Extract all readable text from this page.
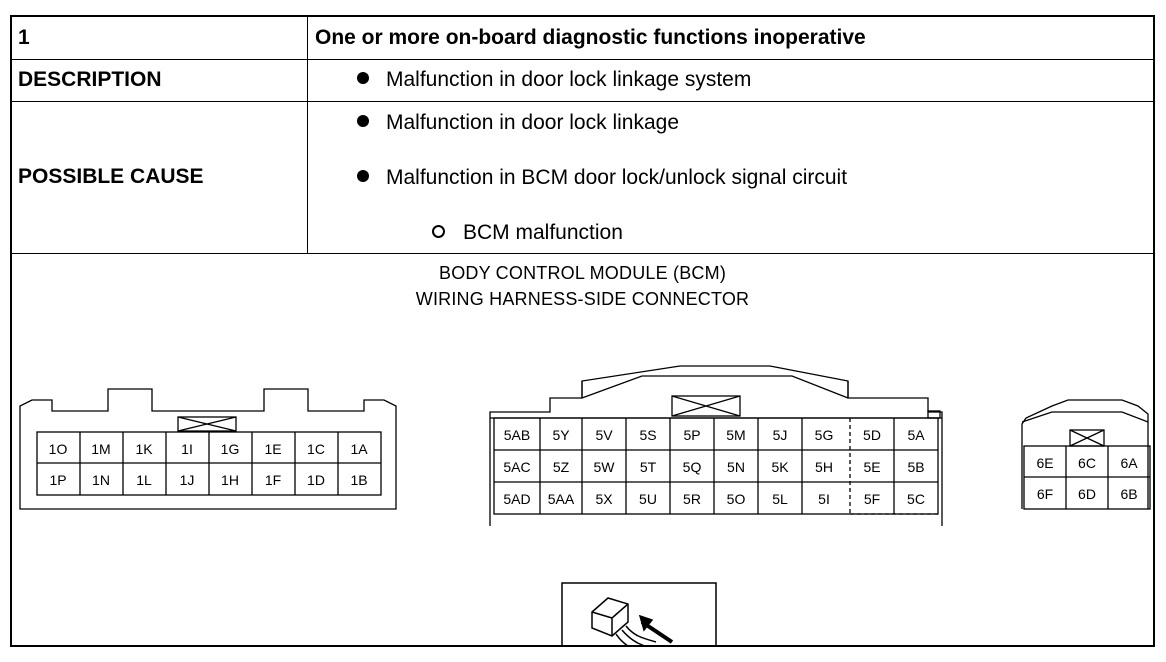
1	One or more on-board diagnostic functions inoperative
DESCRIPTION	Malfunction in door lock linkage system
POSSIBLE CAUSE
Malfunction in door lock linkage
Malfunction in BCM door lock/unlock signal circuit
BCM malfunction
BODY CONTROL MODULE (BCM)
WIRING HARNESS-SIDE CONNECTOR
1O 1M 1K 1I 1G 1E 1C 1A
1P 1N 1L 1J 1H 1F 1D 1B
5AB 5Y 5V 5S 5P 5M 5J 5G 5D 5A
5AC 5Z 5W 5T 5Q 5N 5K 5H 5E 5B
5AD 5AA 5X 5U 5R 5O 5L 5I 5F 5C
6E 6C 6A
6F 6D 6B
